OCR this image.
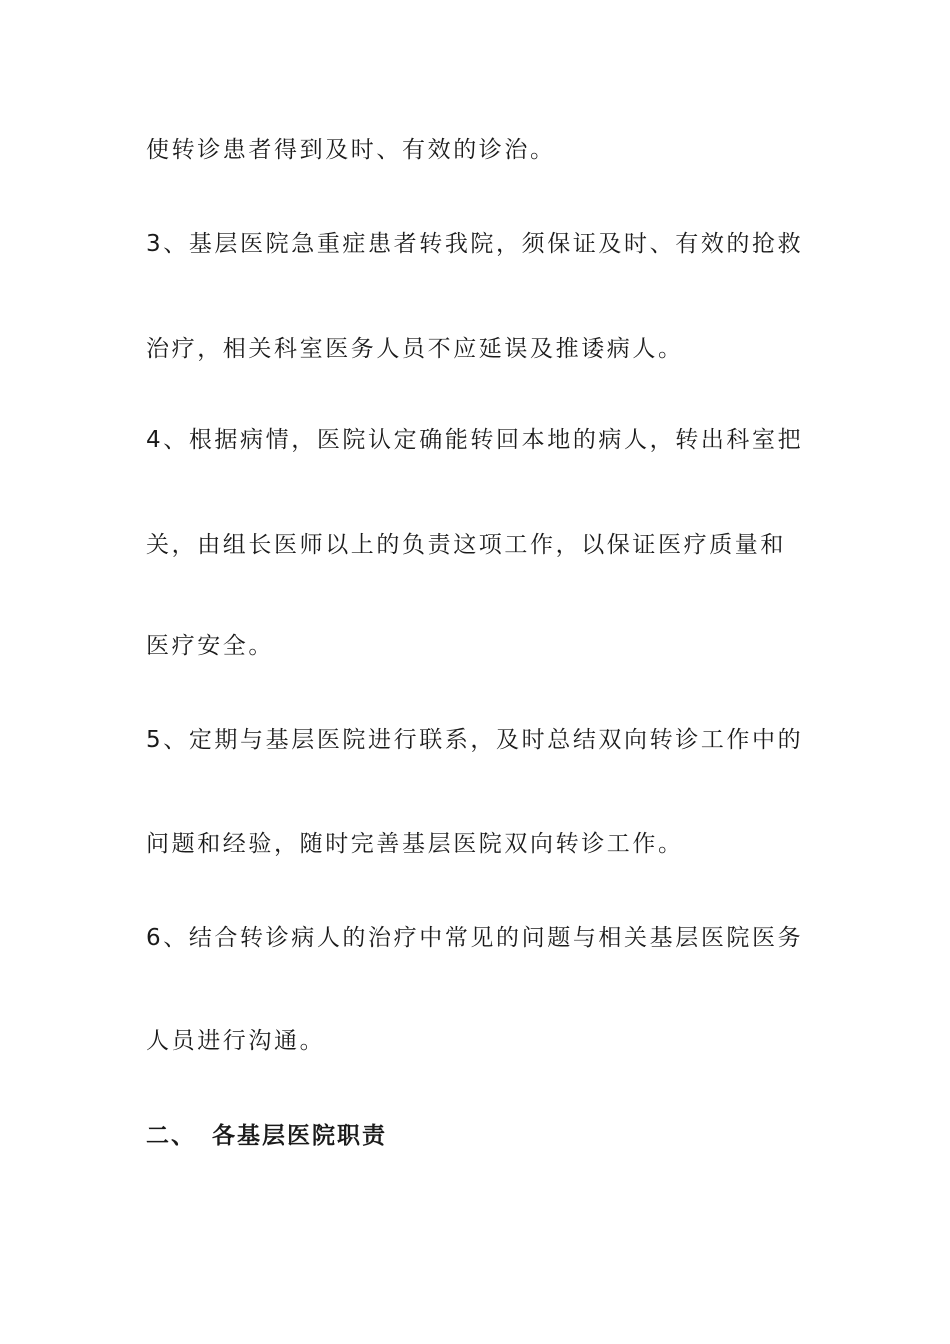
使转诊患者得到及时、有效的诊治。
3、基层医院急重症患者转我院，须保证及时、有效的抢救
治疗，相关科室医务人员不应延误及推诿病人。
4、根据病情，医院认定确能转回本地的病人，转出科室把
关，由组长医师以上的负责这项工作，以保证医疗质量和
医疗安全。
5、定期与基层医院进行联系，及时总结双向转诊工作中的
问题和经验，随时完善基层医院双向转诊工作。
6、结合转诊病人的治疗中常见的问题与相关基层医院医务
人员进行沟通。
二、 各基层医院职责
